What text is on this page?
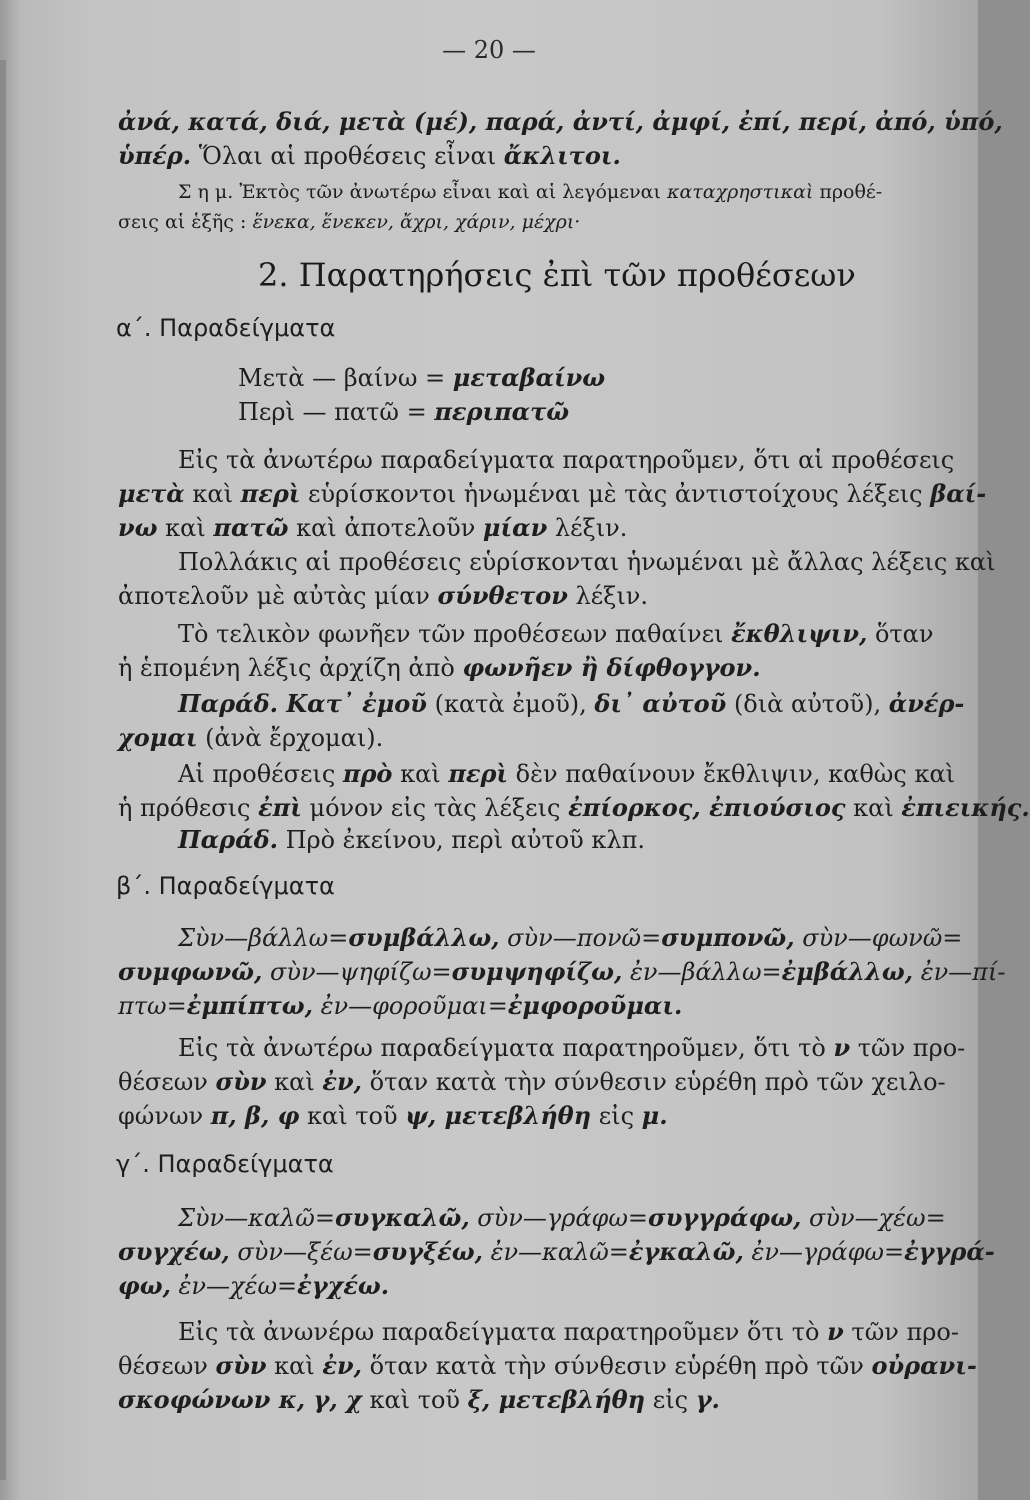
— 20 —
ἀνά, κατά, διά, μετὰ (μέ), παρά, ἀντί, ἀμφί, ἐπί, περί, ἀπό, ὑπό,
ὑπέρ. Ὅλαι αἱ προθέσεις εἶναι ἄκλιτοι.
Σ η μ. Ἐκτὸς τῶν ἀνωτέρω εἶναι καὶ αἱ λεγόμεναι καταχρηστικαὶ προθέ-
σεις αἱ ἑξῆς : ἕνεκα, ἕνεκεν, ἄχρι, χάριν, μέχρι·
2. Παρατηρήσεις ἐπὶ τῶν προθέσεων
α΄. Παραδείγματα
Μετὰ — βαίνω = μεταβαίνω
Περὶ — πατῶ = περιπατῶ
Εἰς τὰ ἀνωτέρω παραδείγματα παρατηροῦμεν, ὅτι αἱ προθέσεις
μετὰ καὶ περὶ εὑρίσκοντοι ἡνωμέναι μὲ τὰς ἀντιστοίχους λέξεις βαί-
νω καὶ πατῶ καὶ ἀποτελοῦν μίαν λέξιν.
Πολλάκις αἱ προθέσεις εὑρίσκονται ἡνωμέναι μὲ ἄλλας λέξεις καὶ
ἀποτελοῦν μὲ αὐτὰς μίαν σύνθετον λέξιν.
Τὸ τελικὸν φωνῆεν τῶν προθέσεων παθαίνει ἔκθλιψιν, ὅταν
ἡ ἑπομένη λέξις ἀρχίζη ἀπὸ φωνῆεν ἢ δίφθογγον.
Παράδ. Κατ᾿ ἐμοῦ (κατὰ ἐμοῦ), δι᾿ αὐτοῦ (διὰ αὐτοῦ), ἀνέρ-
χομαι (ἀνὰ ἔρχομαι).
Αἱ προθέσεις πρὸ καὶ περὶ δὲν παθαίνουν ἔκθλιψιν, καθὼς καὶ
ἡ πρόθεσις ἐπὶ μόνον εἰς τὰς λέξεις ἐπίορκος, ἐπιούσιος καὶ ἐπιεικής.
Παράδ. Πρὸ ἐκείνου, περὶ αὐτοῦ κλπ.
β΄. Παραδείγματα
Σὺν—βάλλω=συμβάλλω, σὺν—πονῶ=συμπονῶ, σὺν—φωνῶ=
συμφωνῶ, σὺν—ψηφίζω=συμψηφίζω, ἐν—βάλλω=ἐμβάλλω, ἐν—πί-
πτω=ἐμπίπτω, ἐν—φοροῦμαι=ἐμφοροῦμαι.
Εἰς τὰ ἀνωτέρω παραδείγματα παρατηροῦμεν, ὅτι τὸ ν τῶν προ-
θέσεων σὺν καὶ ἐν, ὅταν κατὰ τὴν σύνθεσιν εὑρέθη πρὸ τῶν χειλο-
φώνων π, β, φ καὶ τοῦ ψ, μετεβλήθη εἰς μ.
γ΄. Παραδείγματα
Σὺν—καλῶ=συγκαλῶ, σὺν—γράφω=συγγράφω, σὺν—χέω=
συγχέω, σὺν—ξέω=συγξέω, ἐν—καλῶ=ἐγκαλῶ, ἐν—γράφω=ἐγγρά-
φω, ἐν—χέω=ἐγχέω.
Εἰς τὰ ἀνωνέρω παραδείγματα παρατηροῦμεν ὅτι τὸ ν τῶν προ-
θέσεων σὺν καὶ ἐν, ὅταν κατὰ τὴν σύνθεσιν εὑρέθη πρὸ τῶν οὐρανι-
σκοφώνων κ, γ, χ καὶ τοῦ ξ, μετεβλήθη εἰς γ.
